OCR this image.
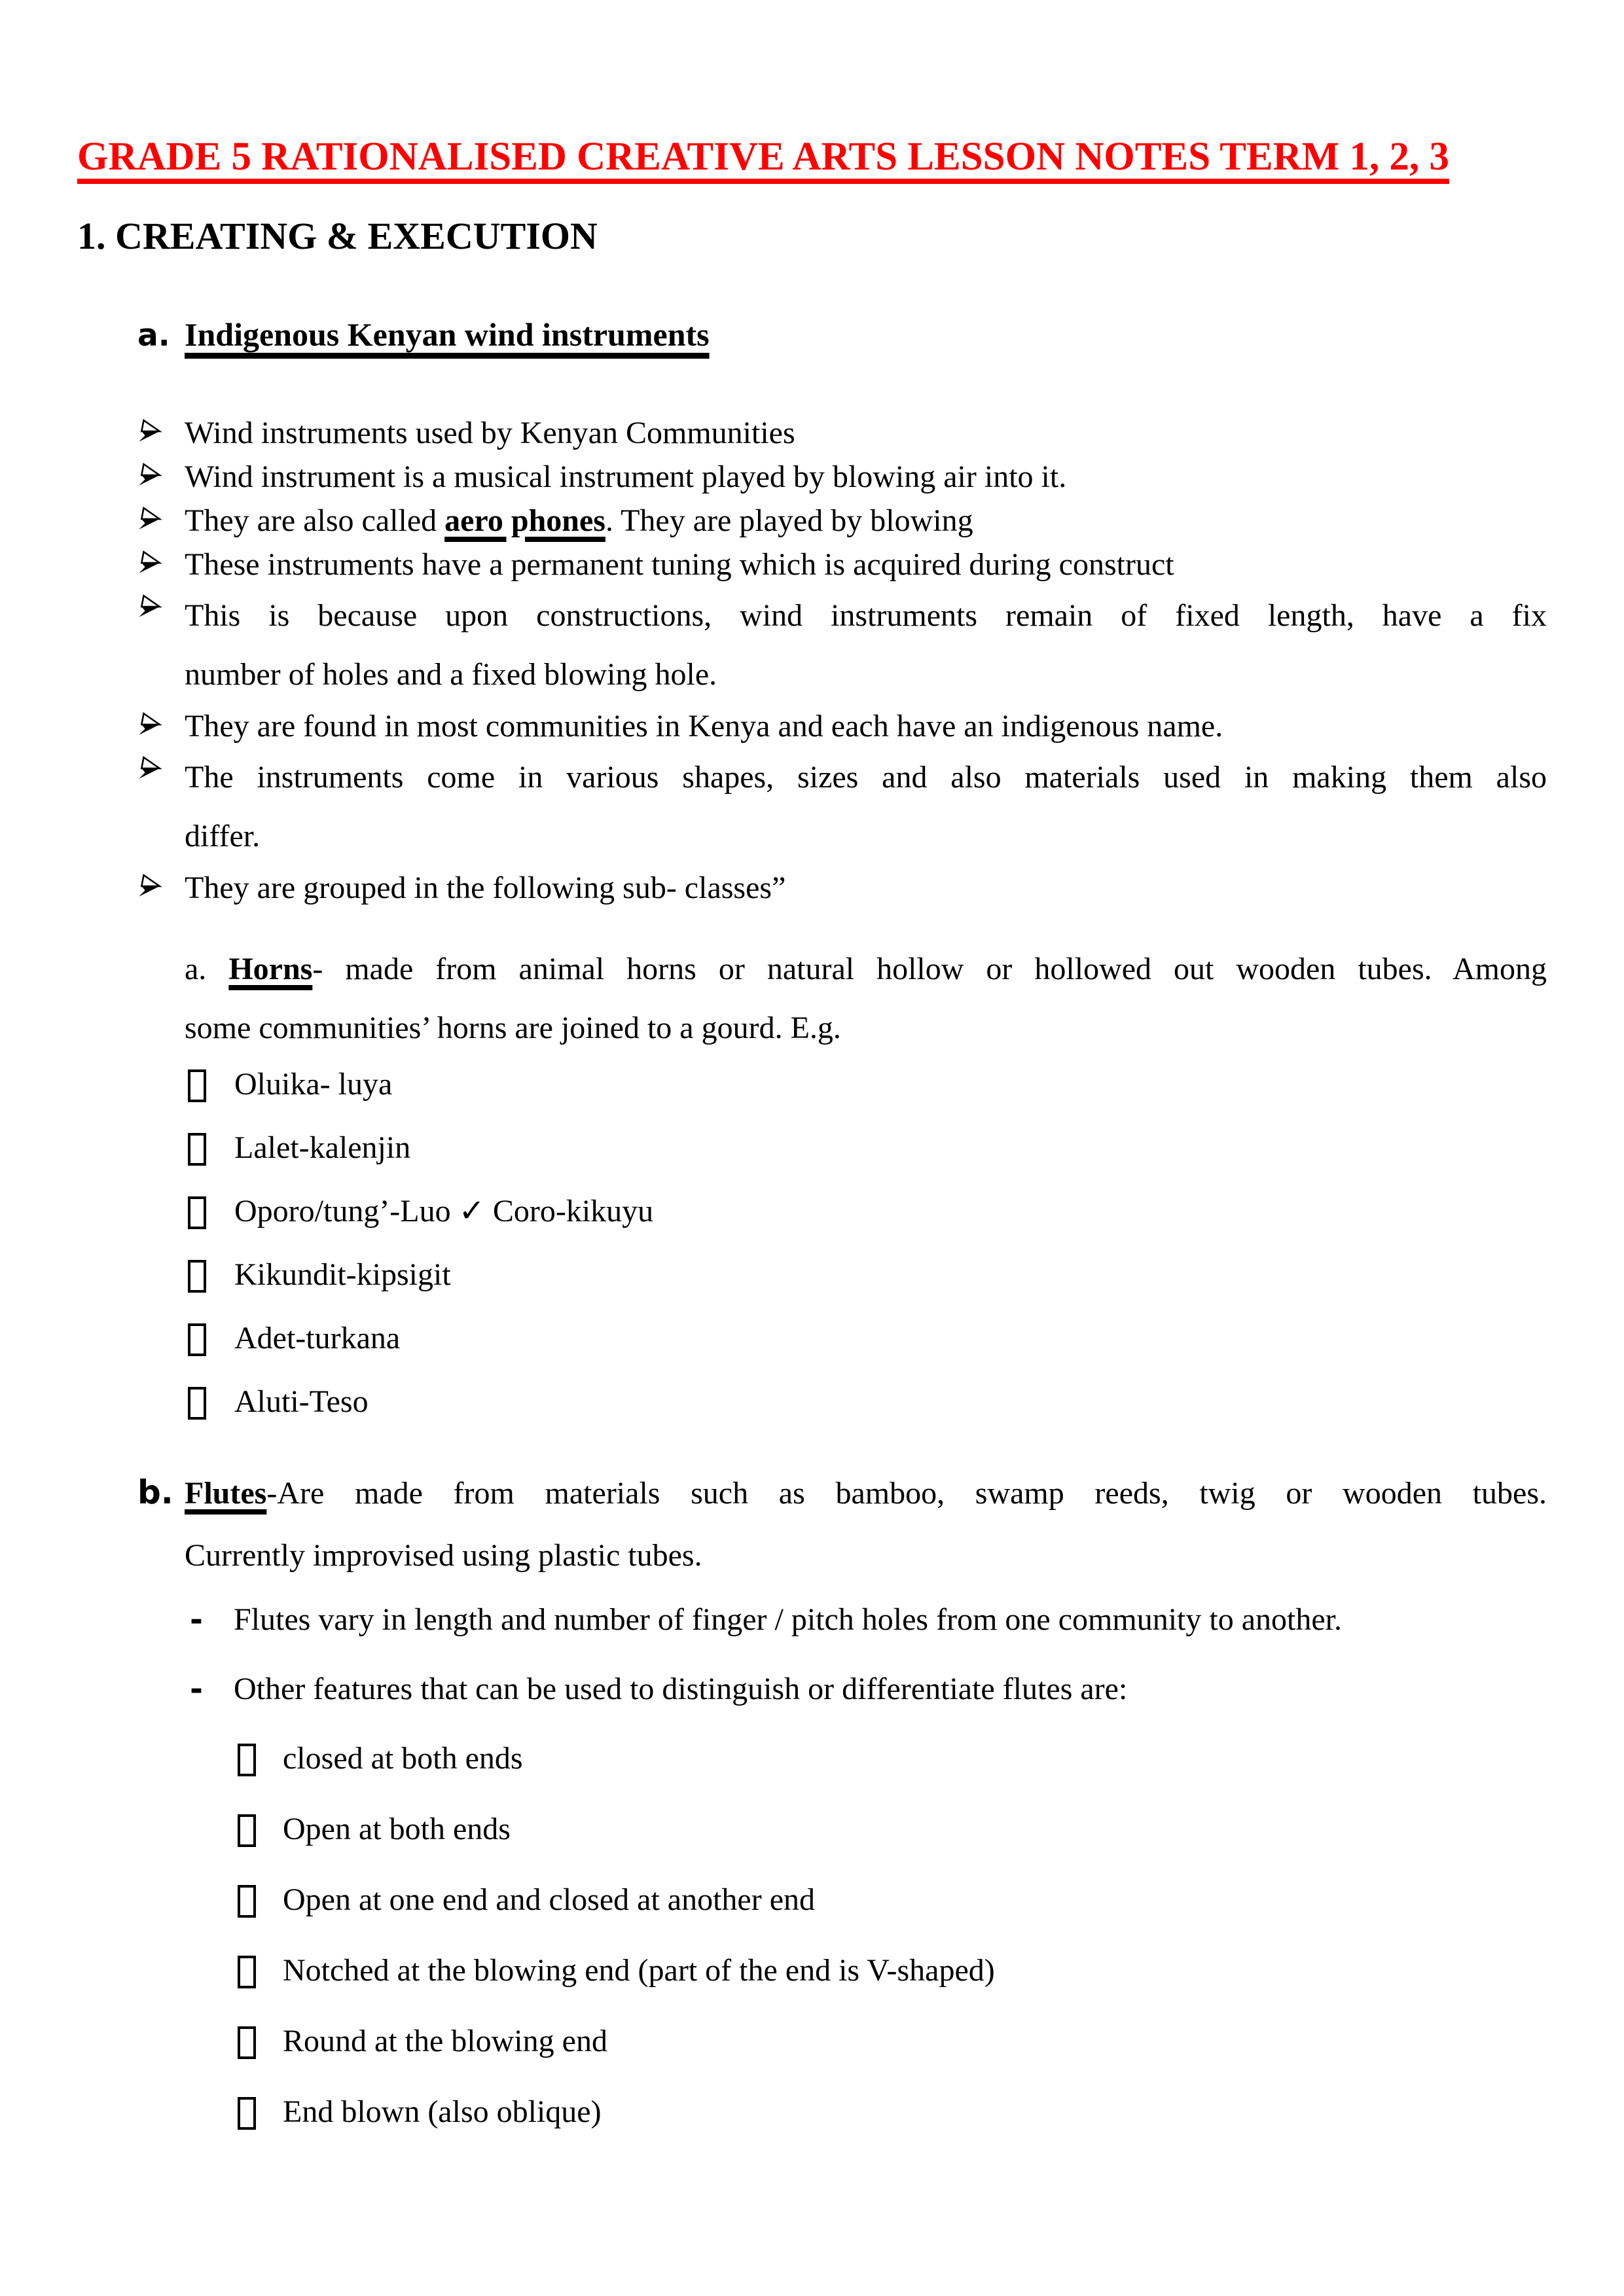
GRADE 5 RATIONALISED CREATIVE ARTS LESSON NOTES TERM 1, 2, 3
1. CREATING & EXECUTION
a. Indigenous Kenyan wind instruments
Wind instruments used by Kenyan Communities
Wind instrument is a musical instrument played by blowing air into it.
They are also called aero phones. They are played by blowing
These instruments have a permanent tuning which is acquired during construct
This is because upon constructions, wind instruments remain of fixed length, have a fix
number of holes and a fixed blowing hole.
They are found in most communities in Kenya and each have an indigenous name.
The instruments come in various shapes, sizes and also materials used in making them also
differ.
They are grouped in the following sub- classes”
a. Horns- made from animal horns or natural hollow or hollowed out wooden tubes. Among
some communities’ horns are joined to a gourd. E.g.
Oluika- luya
Lalet-kalenjin
Oporo/tung’-Luo ✓ Coro-kikuyu
Kikundit-kipsigit
Adet-turkana
Aluti-Teso
b. Flutes-Are made from materials such as bamboo, swamp reeds, twig or wooden tubes.
Currently improvised using plastic tubes.
- Flutes vary in length and number of finger / pitch holes from one community to another.
- Other features that can be used to distinguish or differentiate flutes are:
closed at both ends
Open at both ends
Open at one end and closed at another end
Notched at the blowing end (part of the end is V-shaped)
Round at the blowing end
End blown (also oblique)
